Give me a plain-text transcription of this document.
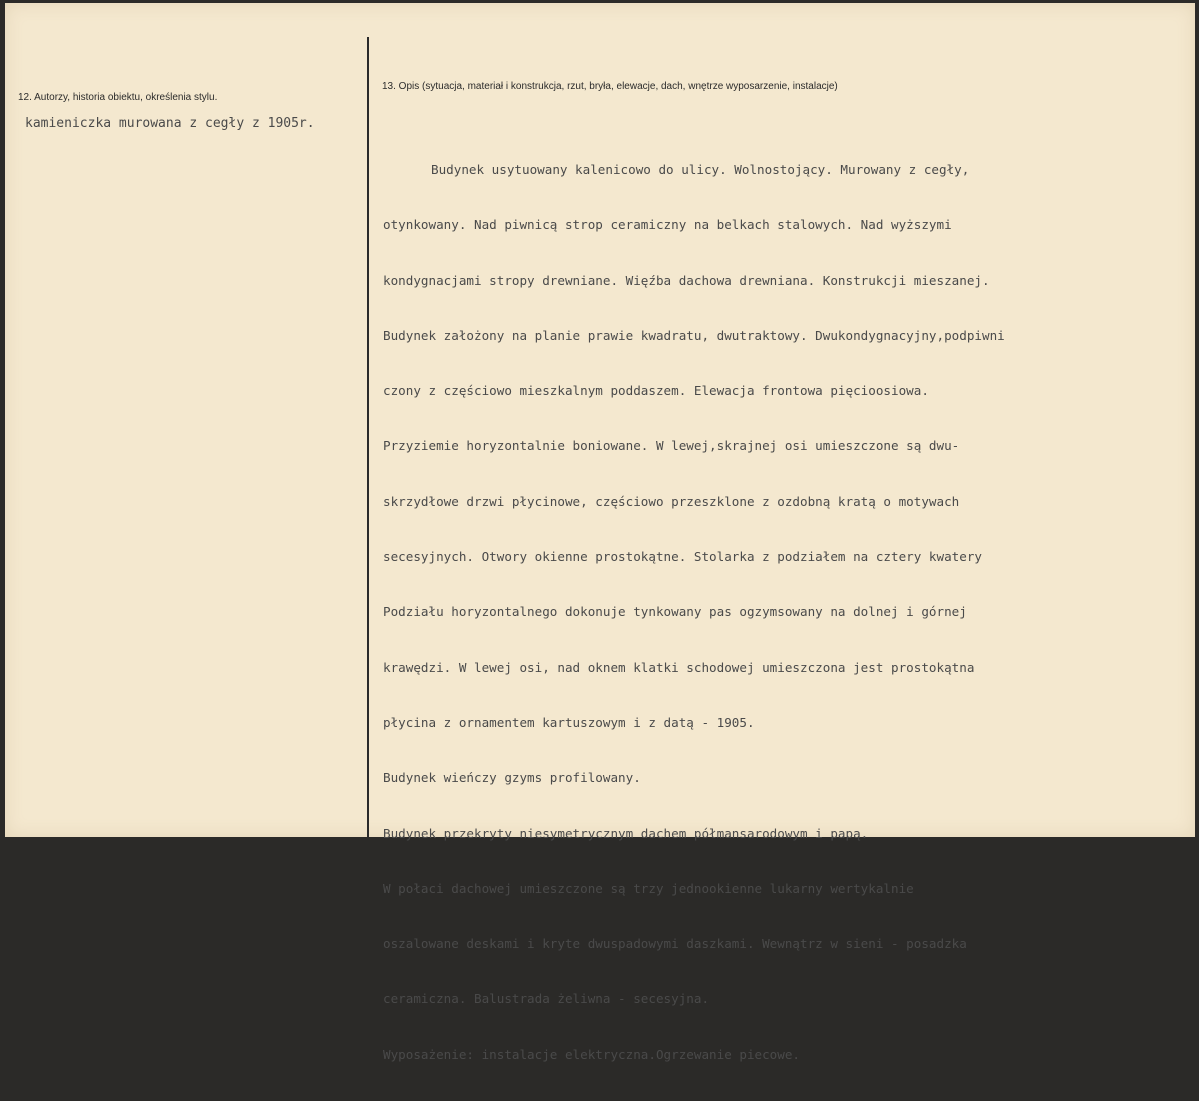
12. Autorzy, historia obiektu, określenia stylu.
kamieniczka murowana z cegły z 1905r.
13. Opis (sytuacja, materiał i konstrukcja, rzut, bryła, elewacje, dach, wnętrze wyposarzenie, instalacje)

Budynek usytuowany kalenicowo do ulicy. Wolnostojący. Murowany z cegły,

otynkowany. Nad piwnicą strop ceramiczny na belkach stalowych. Nad wyższymi

kondygnacjami stropy drewniane. Więźba dachowa drewniana. Konstrukcji mieszanej.

Budynek założony na planie prawie kwadratu, dwutraktowy. Dwukondygnacyjny,podpiwni

czony z częściowo mieszkalnym poddaszem. Elewacja frontowa pięcioosiowa.

Przyziemie horyzontalnie boniowane. W lewej,skrajnej osi umieszczone są dwu-

skrzydłowe drzwi płycinowe, częściowo przeszklone z ozdobną kratą o motywach

secesyjnych. Otwory okienne prostokątne. Stolarka z podziałem na cztery kwatery

Podziału horyzontalnego dokonuje tynkowany pas ogzymsowany na dolnej i górnej

krawędzi. W lewej osi, nad oknem klatki schodowej umieszczona jest prostokątna

płycina z ornamentem kartuszowym i z datą - 1905.

Budynek wieńczy gzyms profilowany.

Budynek przekryty niesymetrycznym dachem półmansarodowym i papą.

W połaci dachowej umieszczone są trzy jednookienne lukarny wertykalnie

oszalowane deskami i kryte dwuspadowymi daszkami. Wewnątrz w sieni - posadzka

ceramiczna. Balustrada żeliwna - secesyjna.

Wyposażenie: instalacje elektryczna.Ogrzewanie piecowe.
